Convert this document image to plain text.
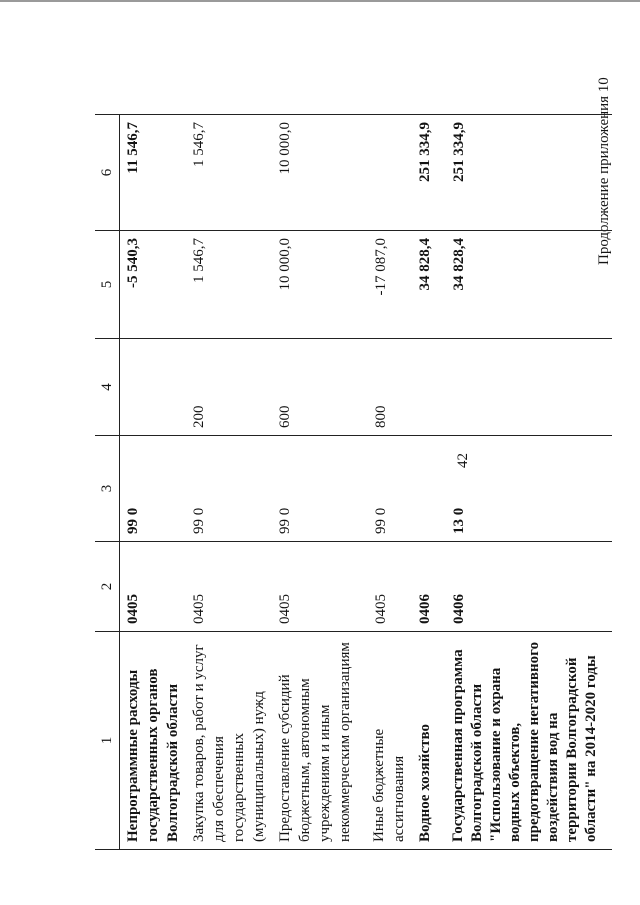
42
Продолжение приложения 10
1	2	3	4	5	6
Непрограммные расходы государственных органов Волгоградской области	0405	99 0		-5 540,3	11 546,7
Закупка товаров, работ и услуг для обеспечения государственных (муниципальных) нужд	0405	99 0	200	1 546,7	1 546,7
Предоставление субсидий бюджетным, автономным учреждениям и иным некоммерческим организациям	0405	99 0	600	10 000,0	10 000,0
Иные бюджетные ассигнования	0405	99 0	800	-17 087,0	
Водное хозяйство	0406			34 828,4	251 334,9
Государственная программа Волгоградской области "Использование и охрана водных объектов, предотвращение негативного воздействия вод на территории Волгоградской области" на 2014-2020 годы	0406	13 0		34 828,4	251 334,9
